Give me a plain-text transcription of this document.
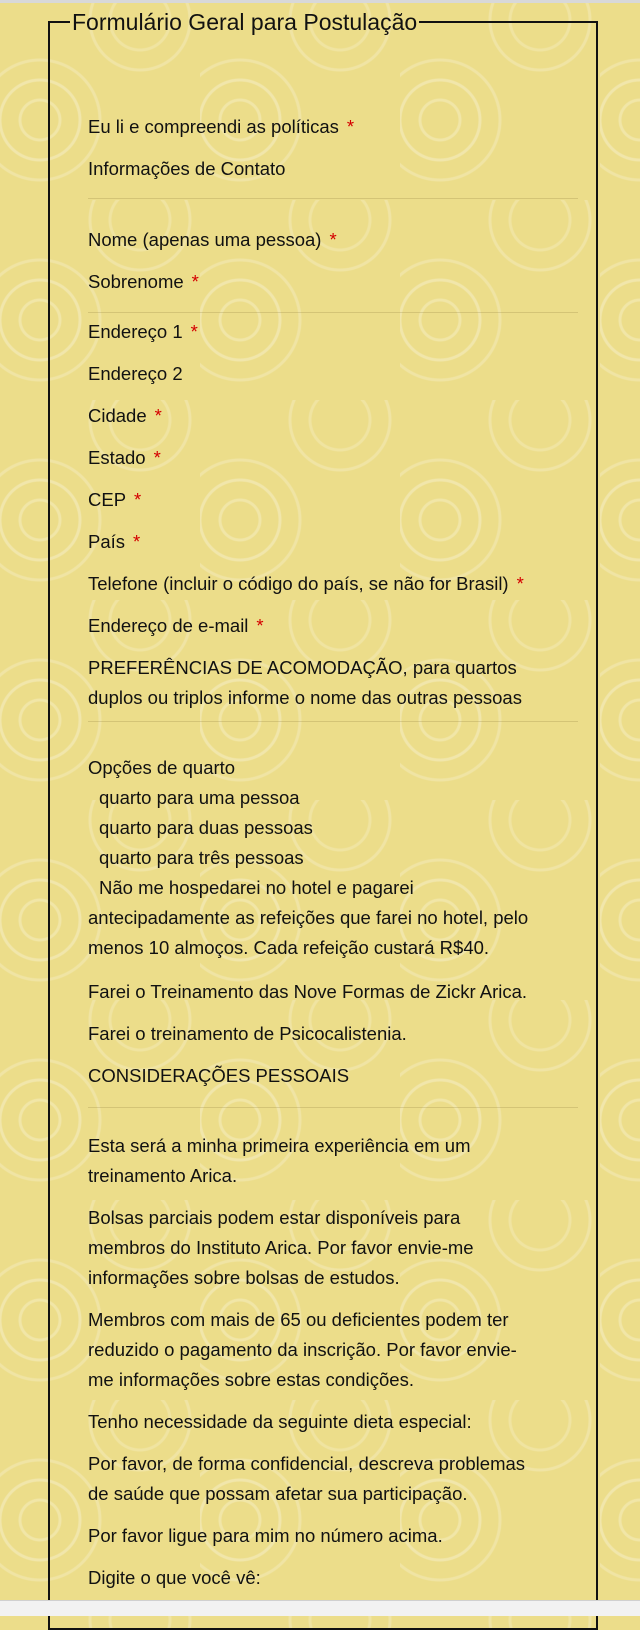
Formulário Geral para Postulação
Eu li e compreendi as políticas *
Informações de Contato
Nome (apenas uma pessoa) *
Sobrenome *
Endereço 1 *
Endereço 2
Cidade *
Estado *
CEP *
País *
Telefone (incluir o código do país, se não for Brasil) *
Endereço de e-mail *
PREFERÊNCIAS DE ACOMODAÇÃO, para quartos
duplos ou triplos informe o nome das outras pessoas
Opções de quarto
quarto para uma pessoa
quarto para duas pessoas
quarto para três pessoas
Não me hospedarei no hotel e pagarei
antecipadamente as refeições que farei no hotel, pelo
menos 10 almoços. Cada refeição custará R$40.
Farei o Treinamento das Nove Formas de Zickr Arica.
Farei o treinamento de Psicocalistenia.
CONSIDERAÇÕES PESSOAIS
Esta será a minha primeira experiência em um
treinamento Arica.
Bolsas parciais podem estar disponíveis para
membros do Instituto Arica. Por favor envie-me
informações sobre bolsas de estudos.
Membros com mais de 65 ou deficientes podem ter
reduzido o pagamento da inscrição. Por favor envie-
me informações sobre estas condições.
Tenho necessidade da seguinte dieta especial:
Por favor, de forma confidencial, descreva problemas
de saúde que possam afetar sua participação.
Por favor ligue para mim no número acima.
Digite o que você vê:
